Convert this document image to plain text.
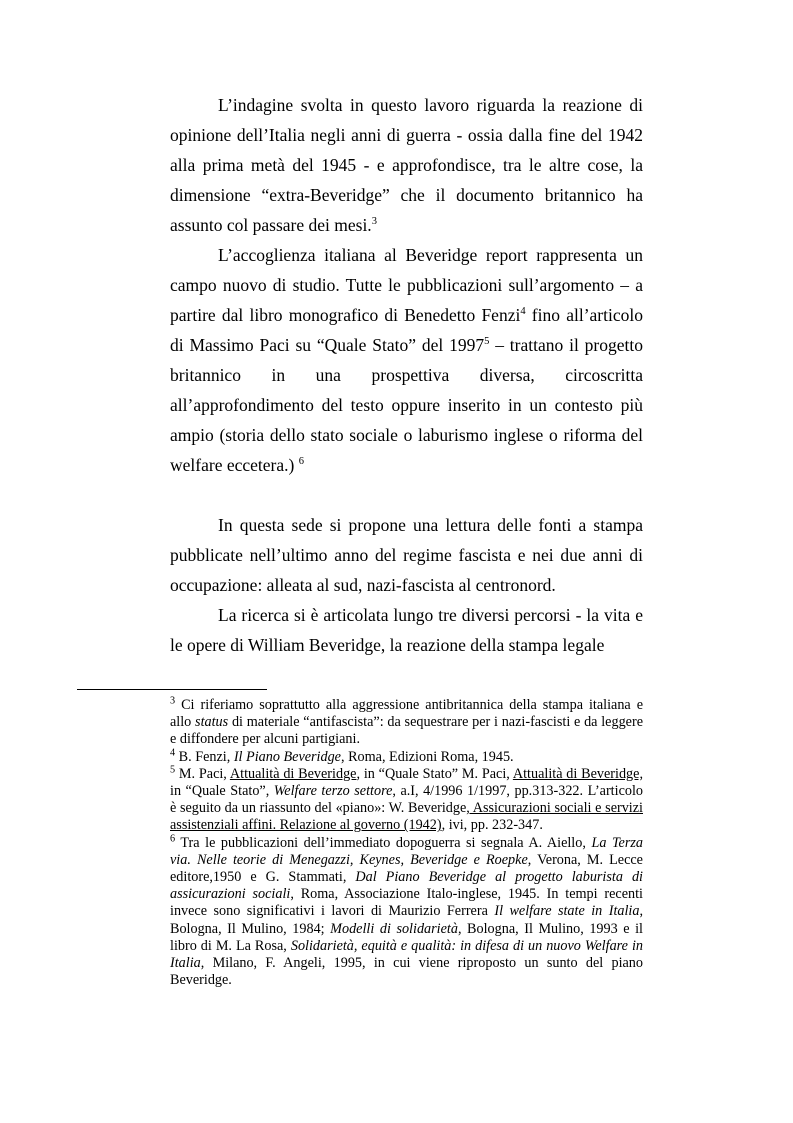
L’indagine svolta in questo lavoro riguarda la reazione di opinione dell’Italia negli anni di guerra - ossia dalla fine del 1942 alla prima metà del 1945 - e approfondisce, tra le altre cose, la dimensione “extra-Beveridge” che il documento britannico ha assunto col passare dei mesi.$^3$

L’accoglienza italiana al Beveridge report rappresenta un campo nuovo di studio. Tutte le pubblicazioni sull’argomento – a partire dal libro monografico di Benedetto Fenzi$^4$ fino all’articolo di Massimo Paci su “Quale Stato” del 1997$^5$ – trattano il progetto britannico in una prospettiva diversa, circoscritta all’approfondimento del testo oppure inserito in un contesto più ampio (storia dello stato sociale o laburismo inglese o riforma del welfare eccetera.) $^6$

In questa sede si propone una lettura delle fonti a stampa pubblicate nell’ultimo anno del regime fascista e nei due anni di occupazione: alleata al sud, nazi-fascista al centronord.

La ricerca si è articolata lungo tre diversi percorsi - la vita e le opere di William Beveridge, la reazione della stampa legale

$^3$ Ci riferiamo soprattutto alla aggressione antibritannica della stampa italiana e allo status di materiale “antifascista”: da sequestrare per i nazi-fascisti e da leggere e diffondere per alcuni partigiani.

$^4$ B. Fenzi, Il Piano Beveridge, Roma, Edizioni Roma, 1945.

$^5$ M. Paci, Attualità di Beveridge, in “Quale Stato” M. Paci, Attualità di Beveridge, in “Quale Stato”, Welfare terzo settore, a.I, 4/1996 1/1997, pp.313-322. L’articolo è seguito da un riassunto del «piano»: W. Beveridge, Assicurazioni sociali e servizi assistenziali affini. Relazione al governo (1942), ivi, pp. 232-347.

$^6$ Tra le pubblicazioni dell’immediato dopoguerra si segnala A. Aiello, La Terza via. Nelle teorie di Menegazzi, Keynes, Beveridge e Roepke, Verona, M. Lecce editore,1950 e G. Stammati, Dal Piano Beveridge al progetto laburista di assicurazioni sociali, Roma, Associazione Italo-inglese, 1945. In tempi recenti invece sono significativi i lavori di Maurizio Ferrera Il welfare state in Italia, Bologna, Il Mulino, 1984; Modelli di solidarietà, Bologna, Il Mulino, 1993 e il libro di M. La Rosa, Solidarietà, equità e qualità: in difesa di un nuovo Welfare in Italia, Milano, F. Angeli, 1995, in cui viene riproposto un sunto del piano Beveridge.
